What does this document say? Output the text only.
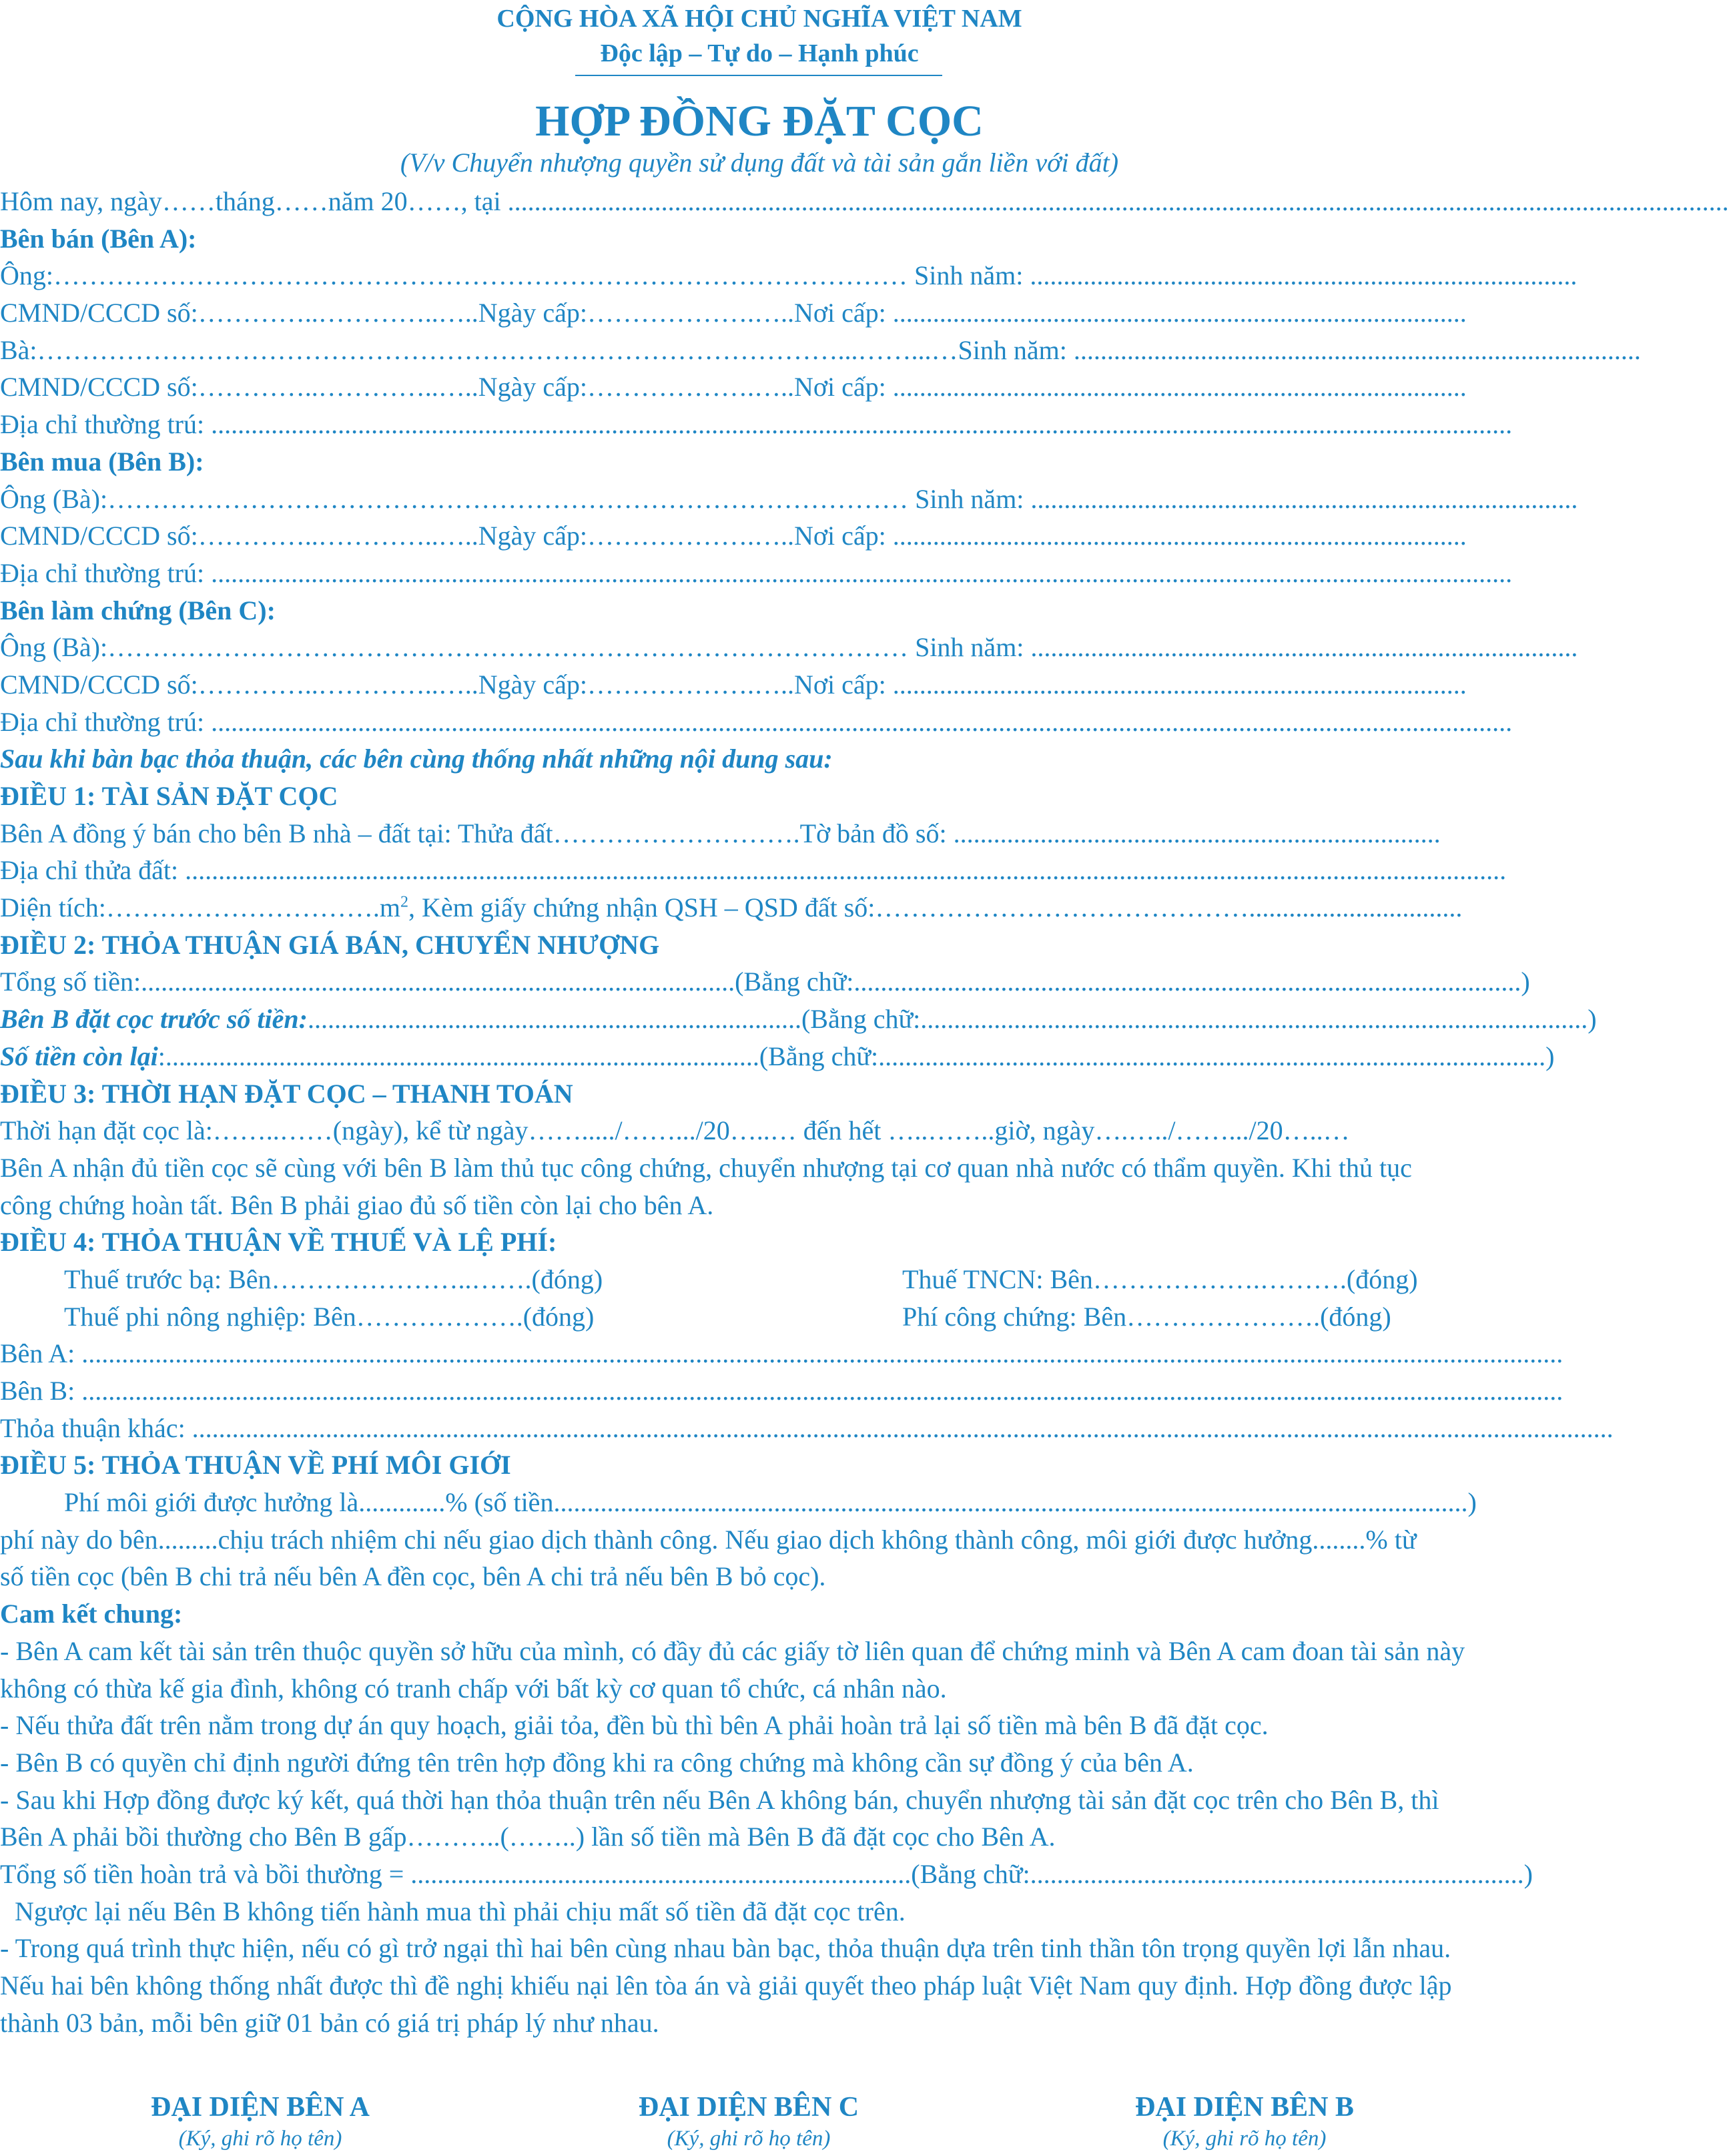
CỘNG HÒA XÃ HỘI CHỦ NGHĨA VIỆT NAM
Độc lập – Tự do – Hạnh phúc
HỢP ĐỒNG ĐẶT CỌC
(V/v Chuyển nhượng quyền sử dụng đất và tài sản gắn liền với đất)
Hôm nay, ngày……tháng……năm 20……, tại .......................................................................................................................................................................................
Bên bán (Bên A):
Ông:…………………………………………………………………………………… Sinh năm: ..................................................................................
CMND/CCCD số:…………..…………..…..Ngày cấp:……………….…..Nơi cấp: ......................................................................................
Bà:………………………………………………………………………………...……...…Sinh năm: .....................................................................................
CMND/CCCD số:…………..…………..…..Ngày cấp:……………….…..Nơi cấp: ......................................................................................
Địa chỉ thường trú: ...................................................................................................................................................................................................
Bên mua (Bên B):
Ông (Bà):……………………………………………………………………………… Sinh năm: ..................................................................................
CMND/CCCD số:…………..…………..…..Ngày cấp:……………….…..Nơi cấp: ......................................................................................
Địa chỉ thường trú: ...................................................................................................................................................................................................
Bên làm chứng (Bên C):
Ông (Bà):……………………………………………………………………………… Sinh năm: ..................................................................................
CMND/CCCD số:…………..…………..…..Ngày cấp:……………….…..Nơi cấp: ......................................................................................
Địa chỉ thường trú: ...................................................................................................................................................................................................
Sau khi bàn bạc thỏa thuận, các bên cùng thống nhất những nội dung sau:
ĐIỀU 1: TÀI SẢN ĐẶT CỌC
Bên A đồng ý bán cho bên B nhà – đất tại: Thửa đất……………………….Tờ bản đồ số: .........................................................................
Địa chỉ thửa đất: ......................................................................................................................................................................................................
Diện $tích:\dots\dots\dots\dots\dots\dots\dots\dots\dots\dots.m^2$, Kèm giấy chứng nhận QSH – QSD đất số:……………………………………................................
ĐIỀU 2: THỎA THUẬN GIÁ BÁN, CHUYỂN NHƯỢNG
Tổng số tiền:.........................................................................................(Bằng chữ:....................................................................................................)
Bên B đặt cọc trước số tiền:..........................................................................(Bằng chữ:....................................................................................................)
Số tiền còn lại:.........................................................................................(Bằng chữ:....................................................................................................)
ĐIỀU 3: THỜI HẠN ĐẶT CỌC – THANH TOÁN
Thời hạn đặt cọc là:……..……(ngày), kể từ ngày……...../…….../20…..… đến hết …..……..giờ, ngày….…../…….../20…..…
Bên A nhận đủ tiền cọc sẽ cùng với bên B làm thủ tục công chứng, chuyển nhượng tại cơ quan nhà nước có thẩm quyền. Khi thủ tục
công chứng hoàn tất. Bên B phải giao đủ số tiền còn lại cho bên A.
ĐIỀU 4: THỎA THUẬN VỀ THUẾ VÀ LỆ PHÍ:
Thuế trước bạ: Bên…………………..…….(đóng)	Thuế TNCN: Bên……………….……….(đóng)
Thuế phi nông nghiệp: Bên……………….(đóng)	Phí công chứng: Bên………………….(đóng)
Bên A: ..............................................................................................................................................................................................................................
Bên B: ..............................................................................................................................................................................................................................
Thỏa thuận khác: .....................................................................................................................................................................................................................
ĐIỀU 5: THỎA THUẬN VỀ PHÍ MÔI GIỚI
Phí môi giới được hưởng là.............% (số tiền.........................................................................................................................................)
phí này do bên.........chịu trách nhiệm chi nếu giao dịch thành công. Nếu giao dịch không thành công, môi giới được hưởng........% từ
số tiền cọc (bên B chi trả nếu bên A đền cọc, bên A chi trả nếu bên B bỏ cọc).
Cam kết chung:
- Bên A cam kết tài sản trên thuộc quyền sở hữu của mình, có đầy đủ các giấy tờ liên quan để chứng minh và Bên A cam đoan tài sản này
không có thừa kế gia đình, không có tranh chấp với bất kỳ cơ quan tổ chức, cá nhân nào.
- Nếu thửa đất trên nằm trong dự án quy hoạch, giải tỏa, đền bù thì bên A phải hoàn trả lại số tiền mà bên B đã đặt cọc.
- Bên B có quyền chỉ định người đứng tên trên hợp đồng khi ra công chứng mà không cần sự đồng ý của bên A.
- Sau khi Hợp đồng được ký kết, quá thời hạn thỏa thuận trên nếu Bên A không bán, chuyển nhượng tài sản đặt cọc trên cho Bên B, thì
Bên A phải bồi thường cho Bên B gấp………..(……..) lần số tiền mà Bên B đã đặt cọc cho Bên A.
Tổng số tiền hoàn trả và bồi thường = ...........................................................................(Bằng chữ:..........................................................................)
Ngược lại nếu Bên B không tiến hành mua thì phải chịu mất số tiền đã đặt cọc trên.
- Trong quá trình thực hiện, nếu có gì trở ngại thì hai bên cùng nhau bàn bạc, thỏa thuận dựa trên tinh thần tôn trọng quyền lợi lẫn nhau.
Nếu hai bên không thống nhất được thì đề nghị khiếu nại lên tòa án và giải quyết theo pháp luật Việt Nam quy định. Hợp đồng được lập
thành 03 bản, mỗi bên giữ 01 bản có giá trị pháp lý như nhau.
ĐẠI DIỆN BÊN A
(Ký, ghi rõ họ tên)
ĐẠI DIỆN BÊN C
(Ký, ghi rõ họ tên)
ĐẠI DIỆN BÊN B
(Ký, ghi rõ họ tên)
